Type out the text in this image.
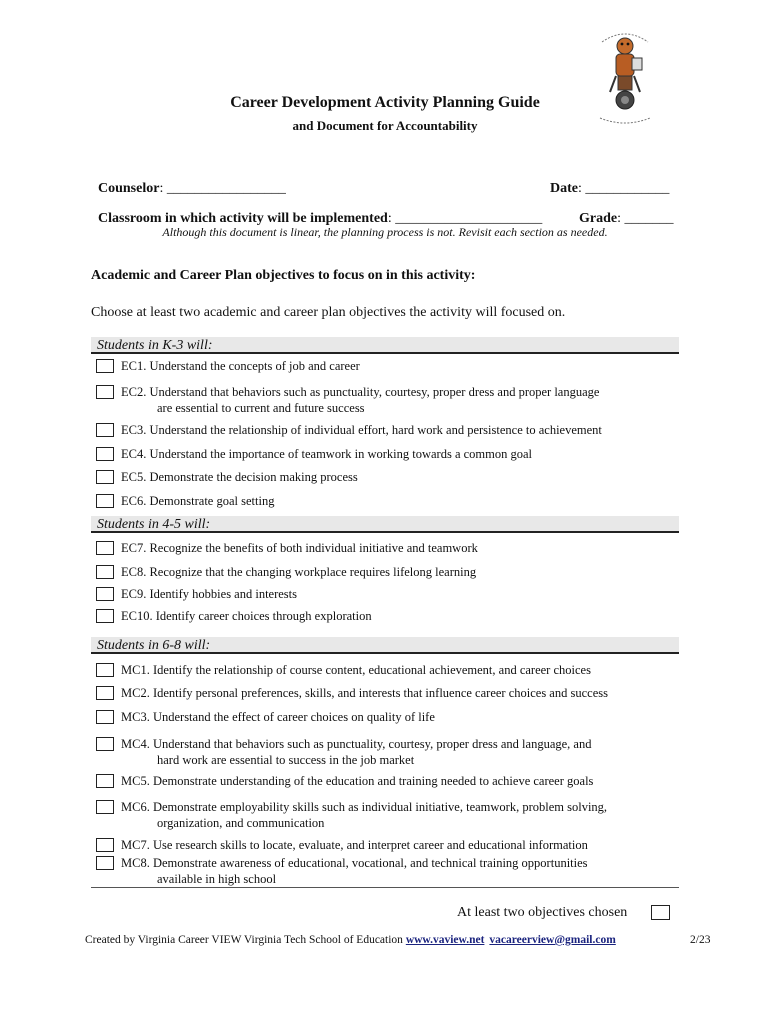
Career Development Activity Planning Guide
and Document for Accountability

Counselor: _________________	Date: ____________

Classroom in which activity will be implemented: _____________________	Grade: _______

Although this document is linear, the planning process is not. Revisit each section as needed.
Academic and Career Plan objectives to focus on in this activity:
Choose at least two academic and career plan objectives the activity will focused on.
Students in K-3 will:
EC1. Understand the concepts of job and career
EC2. Understand that behaviors such as punctuality, courtesy, proper dress and proper language
are essential to current and future success
EC3. Understand the relationship of individual effort, hard work and persistence to achievement
EC4. Understand the importance of teamwork in working towards a common goal
EC5. Demonstrate the decision making process
EC6. Demonstrate goal setting
Students in 4-5 will:
EC7. Recognize the benefits of both individual initiative and teamwork
EC8. Recognize that the changing workplace requires lifelong learning
EC9. Identify hobbies and interests
EC10. Identify career choices through exploration
Students in 6-8 will:
MC1. Identify the relationship of course content, educational achievement, and career choices
MC2. Identify personal preferences, skills, and interests that influence career choices and success
MC3. Understand the effect of career choices on quality of life
MC4. Understand that behaviors such as punctuality, courtesy, proper dress and language, and
hard work are essential to success in the job market
MC5. Demonstrate understanding of the education and training needed to achieve career goals
MC6. Demonstrate employability skills such as individual initiative, teamwork, problem solving,
organization, and communication
MC7. Use research skills to locate, evaluate, and interpret career and educational information
MC8. Demonstrate awareness of educational, vocational, and technical training opportunities
available in high school
At least two objectives chosen
Created by Virginia Career VIEW Virginia Tech School of Education www.vaview.net vacareerview@gmail.com	2/23
